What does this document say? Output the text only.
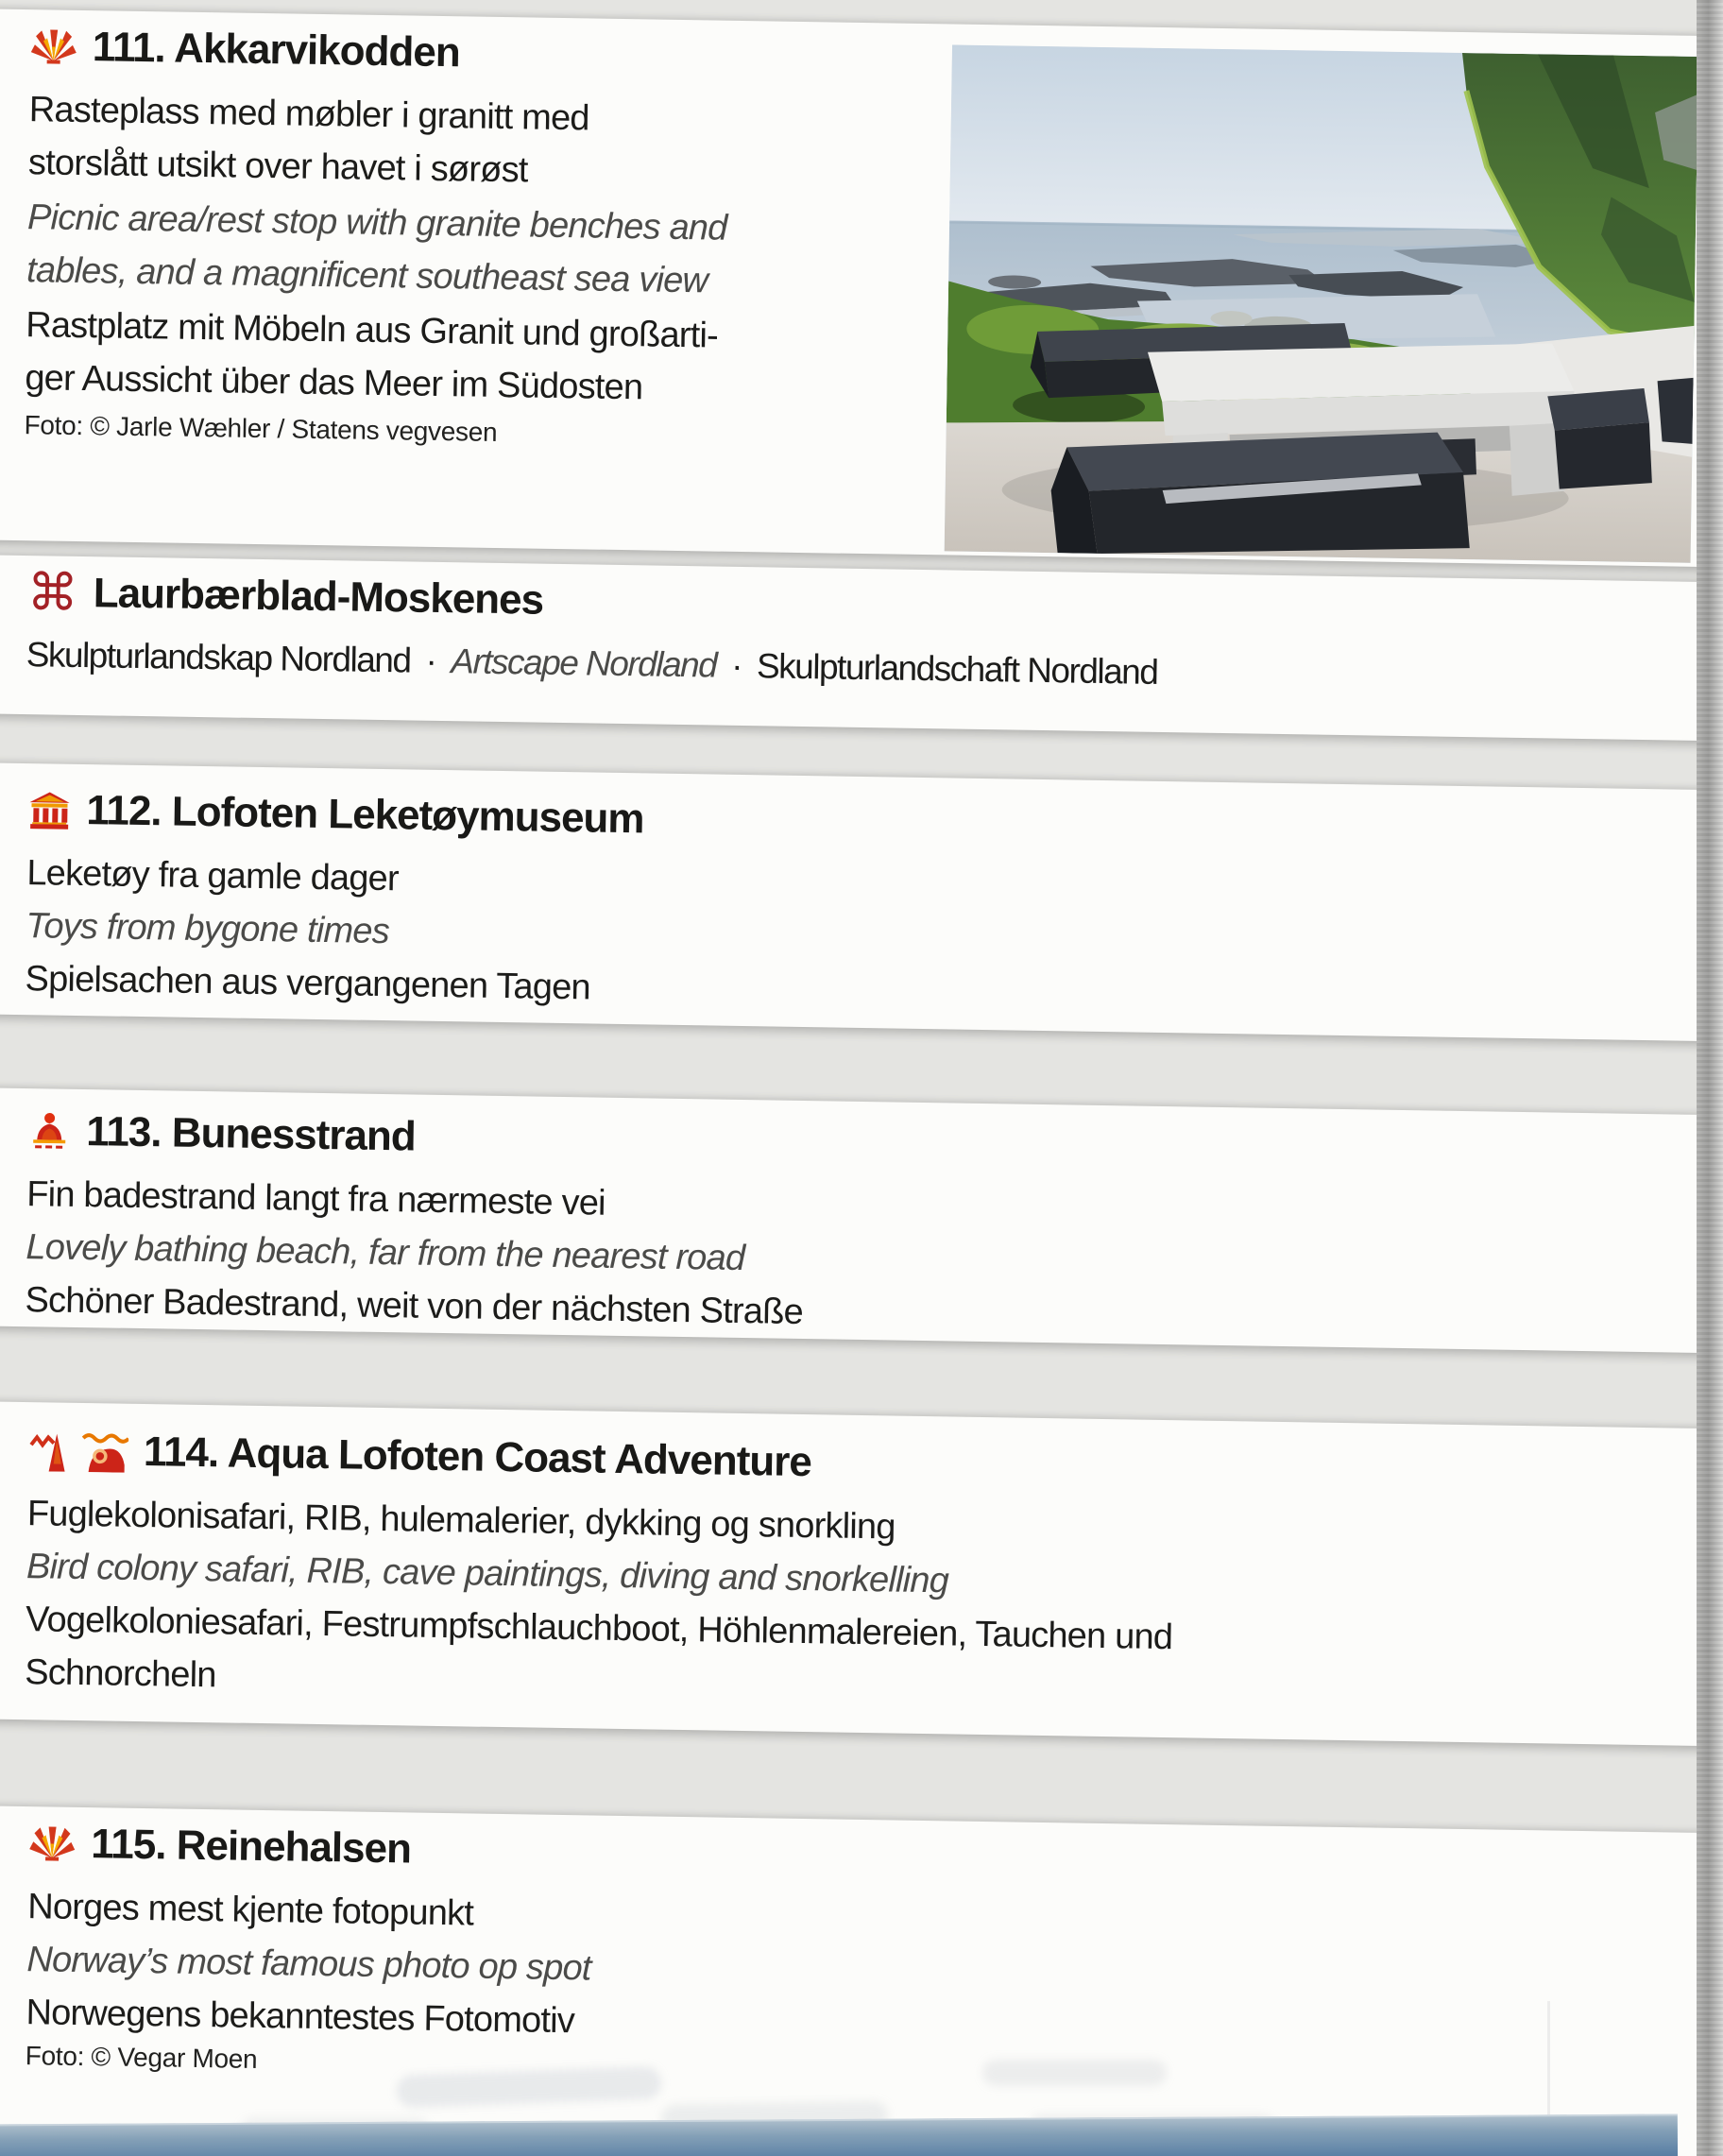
111. Akkarvikodden
Rasteplass med møbler i granitt med
storslått utsikt over havet i sørøst
Picnic area/rest stop with granite benches and
tables, and a magnificent southeast sea view
Rastplatz mit Möbeln aus Granit und großarti-
ger Aussicht über das Meer im Südosten
Foto: © Jarle Wæhler / Statens vegvesen
⌘ Laurbærblad-Moskenes
Skulpturlandskap Nordland · Artscape Nordland · Skulpturlandschaft Nordland
112. Lofoten Leketøymuseum
Leketøy fra gamle dager
Toys from bygone times
Spielsachen aus vergangenen Tagen
113. Bunesstrand
Fin badestrand langt fra nærmeste vei
Lovely bathing beach, far from the nearest road
Schöner Badestrand, weit von der nächsten Straße
114. Aqua Lofoten Coast Adventure
Fuglekolonisafari, RIB, hulemalerier, dykking og snorkling
Bird colony safari, RIB, cave paintings, diving and snorkelling
Vogelkoloniesafari, Festrumpfschlauchboot, Höhlenmalereien, Tauchen und
Schnorcheln
115. Reinehalsen
Norges mest kjente fotopunkt
Norway’s most famous photo op spot
Norwegens bekanntestes Fotomotiv
Foto: © Vegar Moen
